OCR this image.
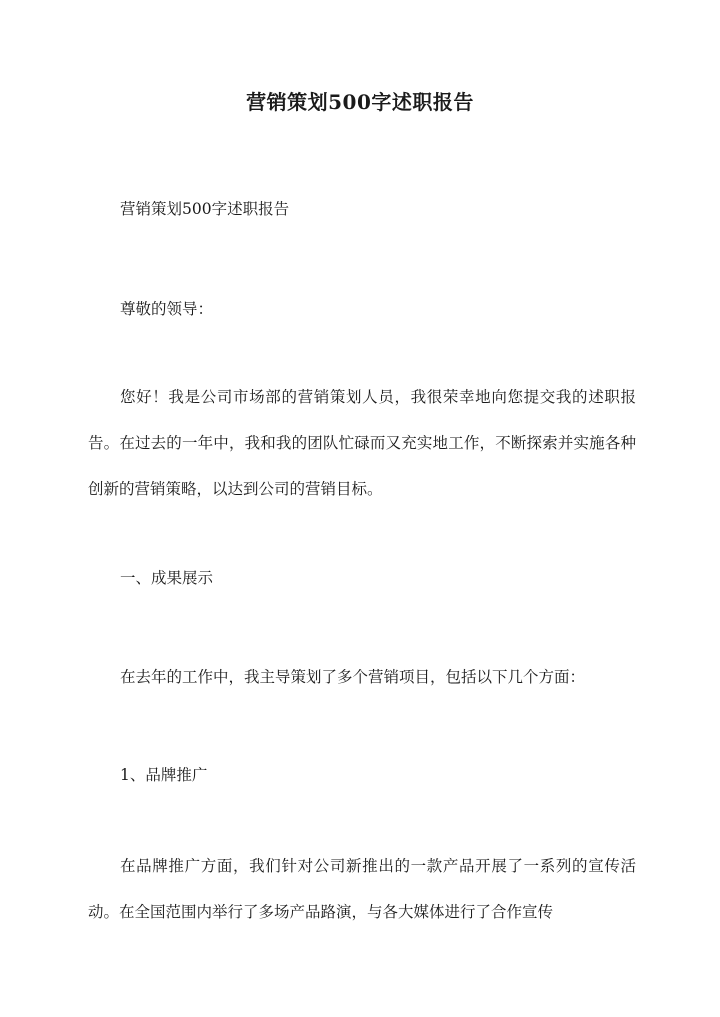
营销策划500字述职报告

营销策划500字述职报告

尊敬的领导：

您好！我是公司市场部的营销策划人员，我很荣幸地向您提交我的述职报告。在过去的一年中，我和我的团队忙碌而又充实地工作，不断探索并实施各种创新的营销策略，以达到公司的营销目标。

一、成果展示

在去年的工作中，我主导策划了多个营销项目，包括以下几个方面：

1、品牌推广

在品牌推广方面，我们针对公司新推出的一款产品开展了一系列的宣传活动。在全国范围内举行了多场产品路演，与各大媒体进行了合作宣传
